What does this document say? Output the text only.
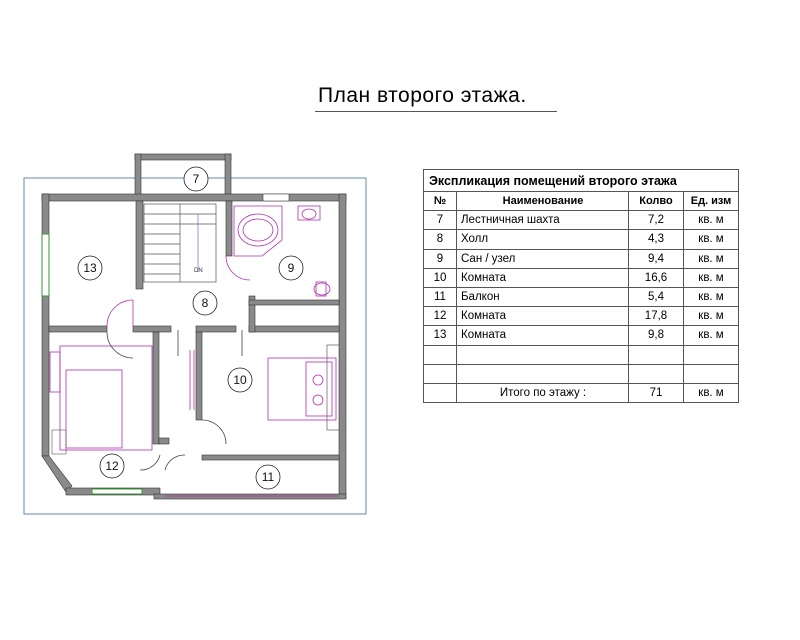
План второго этажа.
DN
7
8
9
10
11
12
13
Экспликация помещений второго этажа			
№	Наименование	Колво	Ед. изм
7	Лестничная шахта	7,2	кв. м
8	Холл	4,3	кв. м
9	Сан / узел	9,4	кв. м
10	Комната	16,6	кв. м
11	Балкон	5,4	кв. м
12	Комната	17,8	кв. м
13	Комната	9,8	кв. м

	Итого по этажу :	71	кв. м
